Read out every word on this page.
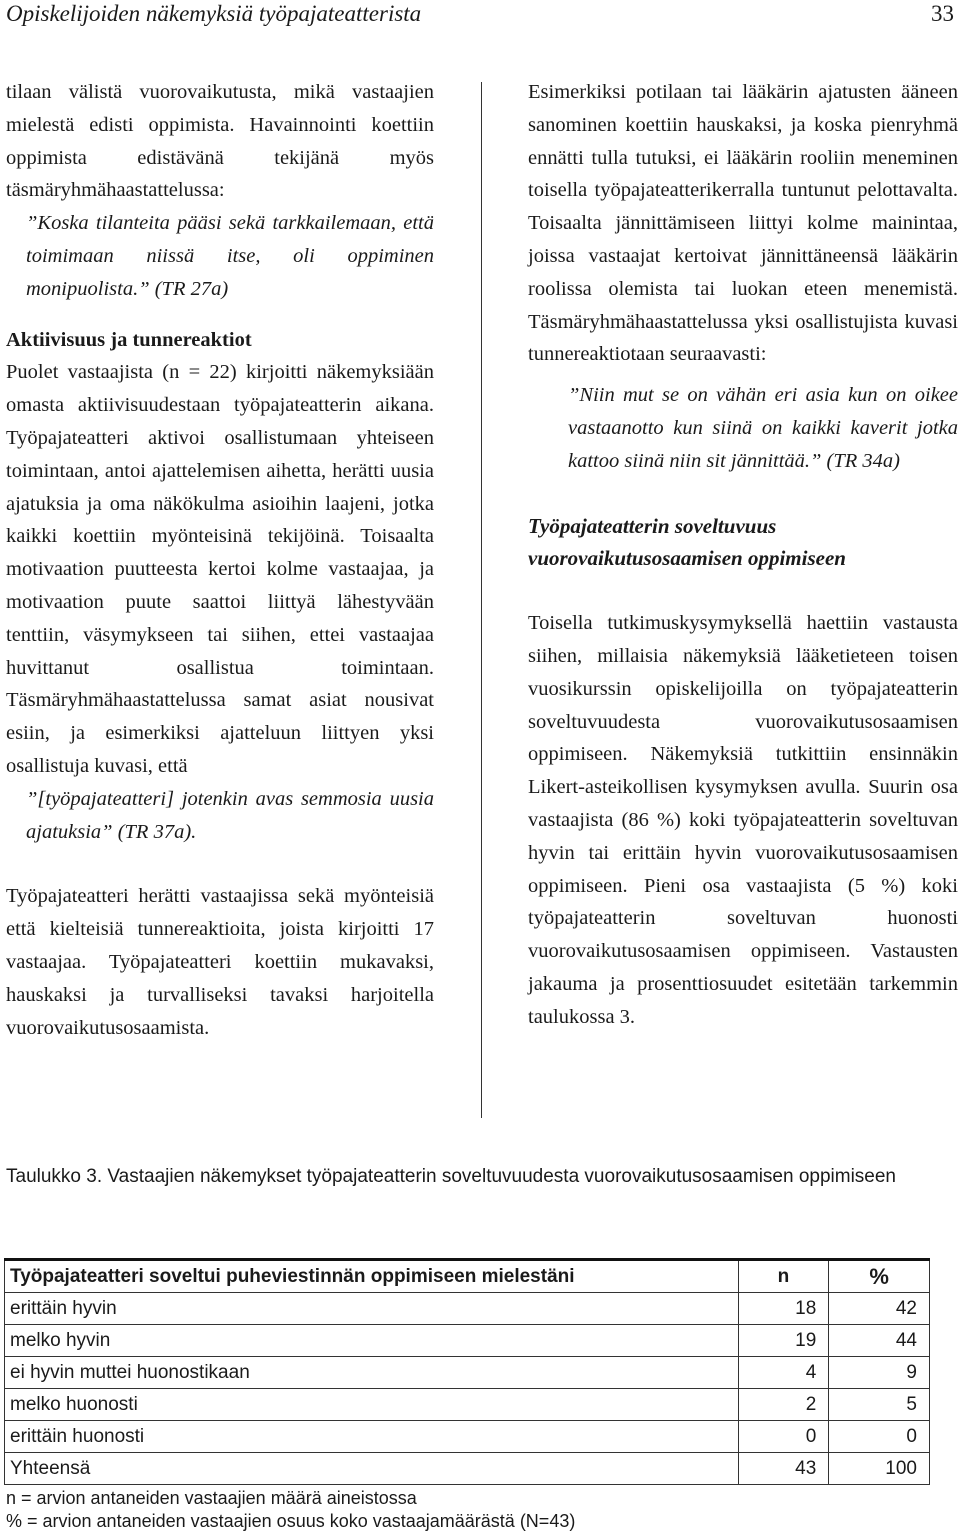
Opiskelijoiden näkemyksiä työpajateatterista	33

tilaan välistä vuorovaikutusta, mikä vastaajien mielestä edisti oppimista. Havainnointi koettiin oppimista edistävänä tekijänä myös täsmäryhmähaastattelussa:

”Koska tilanteita pääsi sekä tarkkailemaan, että toimimaan niissä itse, oli oppiminen monipuolista.” (TR 27a)

Aktiivisuus ja tunnereaktiot

Puolet vastaajista (n = 22) kirjoitti näkemyksiään omasta aktiivisuudestaan työpajateatterin aikana. Työpajateatteri aktivoi osallistumaan yhteiseen toimintaan, antoi ajattelemisen aihetta, herätti uusia ajatuksia ja oma näkökulma asioihin laajeni, jotka kaikki koettiin myönteisinä tekijöinä. Toisaalta motivaation puutteesta kertoi kolme vastaajaa, ja motivaation puute saattoi liittyä lähestyvään tenttiin, väsymykseen tai siihen, ettei vastaajaa huvittanut osallistua toimintaan. Täsmäryhmähaastattelussa samat asiat nousivat esiin, ja esimerkiksi ajatteluun liittyen yksi osallistuja kuvasi, että

”[työpajateatteri] jotenkin avas semmosia uusia ajatuksia” (TR 37a).

Työpajateatteri herätti vastaajissa sekä myönteisiä että kielteisiä tunnereaktioita, joista kirjoitti 17 vastaajaa. Työpajateatteri koettiin mukavaksi, hauskaksi ja turvalliseksi tavaksi harjoitella vuorovaikutusosaamista.

Esimerkiksi potilaan tai lääkärin ajatusten ääneen sanominen koettiin hauskaksi, ja koska pienryhmä ennätti tulla tutuksi, ei lääkärin rooliin meneminen toisella työpajateatterikerralla tuntunut pelottavalta. Toisaalta jännittämiseen liittyi kolme mainintaa, joissa vastaajat kertoivat jännittäneensä lääkärin roolissa olemista tai luokan eteen menemistä. Täsmäryhmähaastattelussa yksi osallistujista kuvasi tunnereaktiotaan seuraavasti:

”Niin mut se on vähän eri asia kun on oikee vastaanotto kun siinä on kaikki kaverit jotka kattoo siinä niin sit jännittää.” (TR 34a)

Työpajateatterin soveltuvuus vuorovaikutusosaamisen oppimiseen

Toisella tutkimuskysymyksellä haettiin vastausta siihen, millaisia näkemyksiä lääketieteen toisen vuosikurssin opiskelijoilla on työpajateatterin soveltuvuudesta vuorovaikutusosaamisen oppimiseen. Näkemyksiä tutkittiin ensinnäkin Likert-asteikollisen kysymyksen avulla. Suurin osa vastaajista (86 %) koki työpajateatterin soveltuvan hyvin tai erittäin hyvin vuorovaikutusosaamisen oppimiseen. Pieni osa vastaajista (5 %) koki työpajateatterin soveltuvan huonosti vuorovaikutusosaamisen oppimiseen. Vastausten jakauma ja prosenttiosuudet esitetään tarkemmin taulukossa 3.

Taulukko 3. Vastaajien näkemykset työpajateatterin soveltuvuudesta vuorovaikutusosaamisen oppimiseen
Työpajateatteri soveltui puheviestinnän oppimiseen mielestäni	n	%
erittäin hyvin	18	42
melko hyvin	19	44
ei hyvin muttei huonostikaan	4	9
melko huonosti	2	5
erittäin huonosti	0	0
Yhteensä	43	100
n = arvion antaneiden vastaajien määrä aineistossa
% = arvion antaneiden vastaajien osuus koko vastaajamäärästä (N=43)
